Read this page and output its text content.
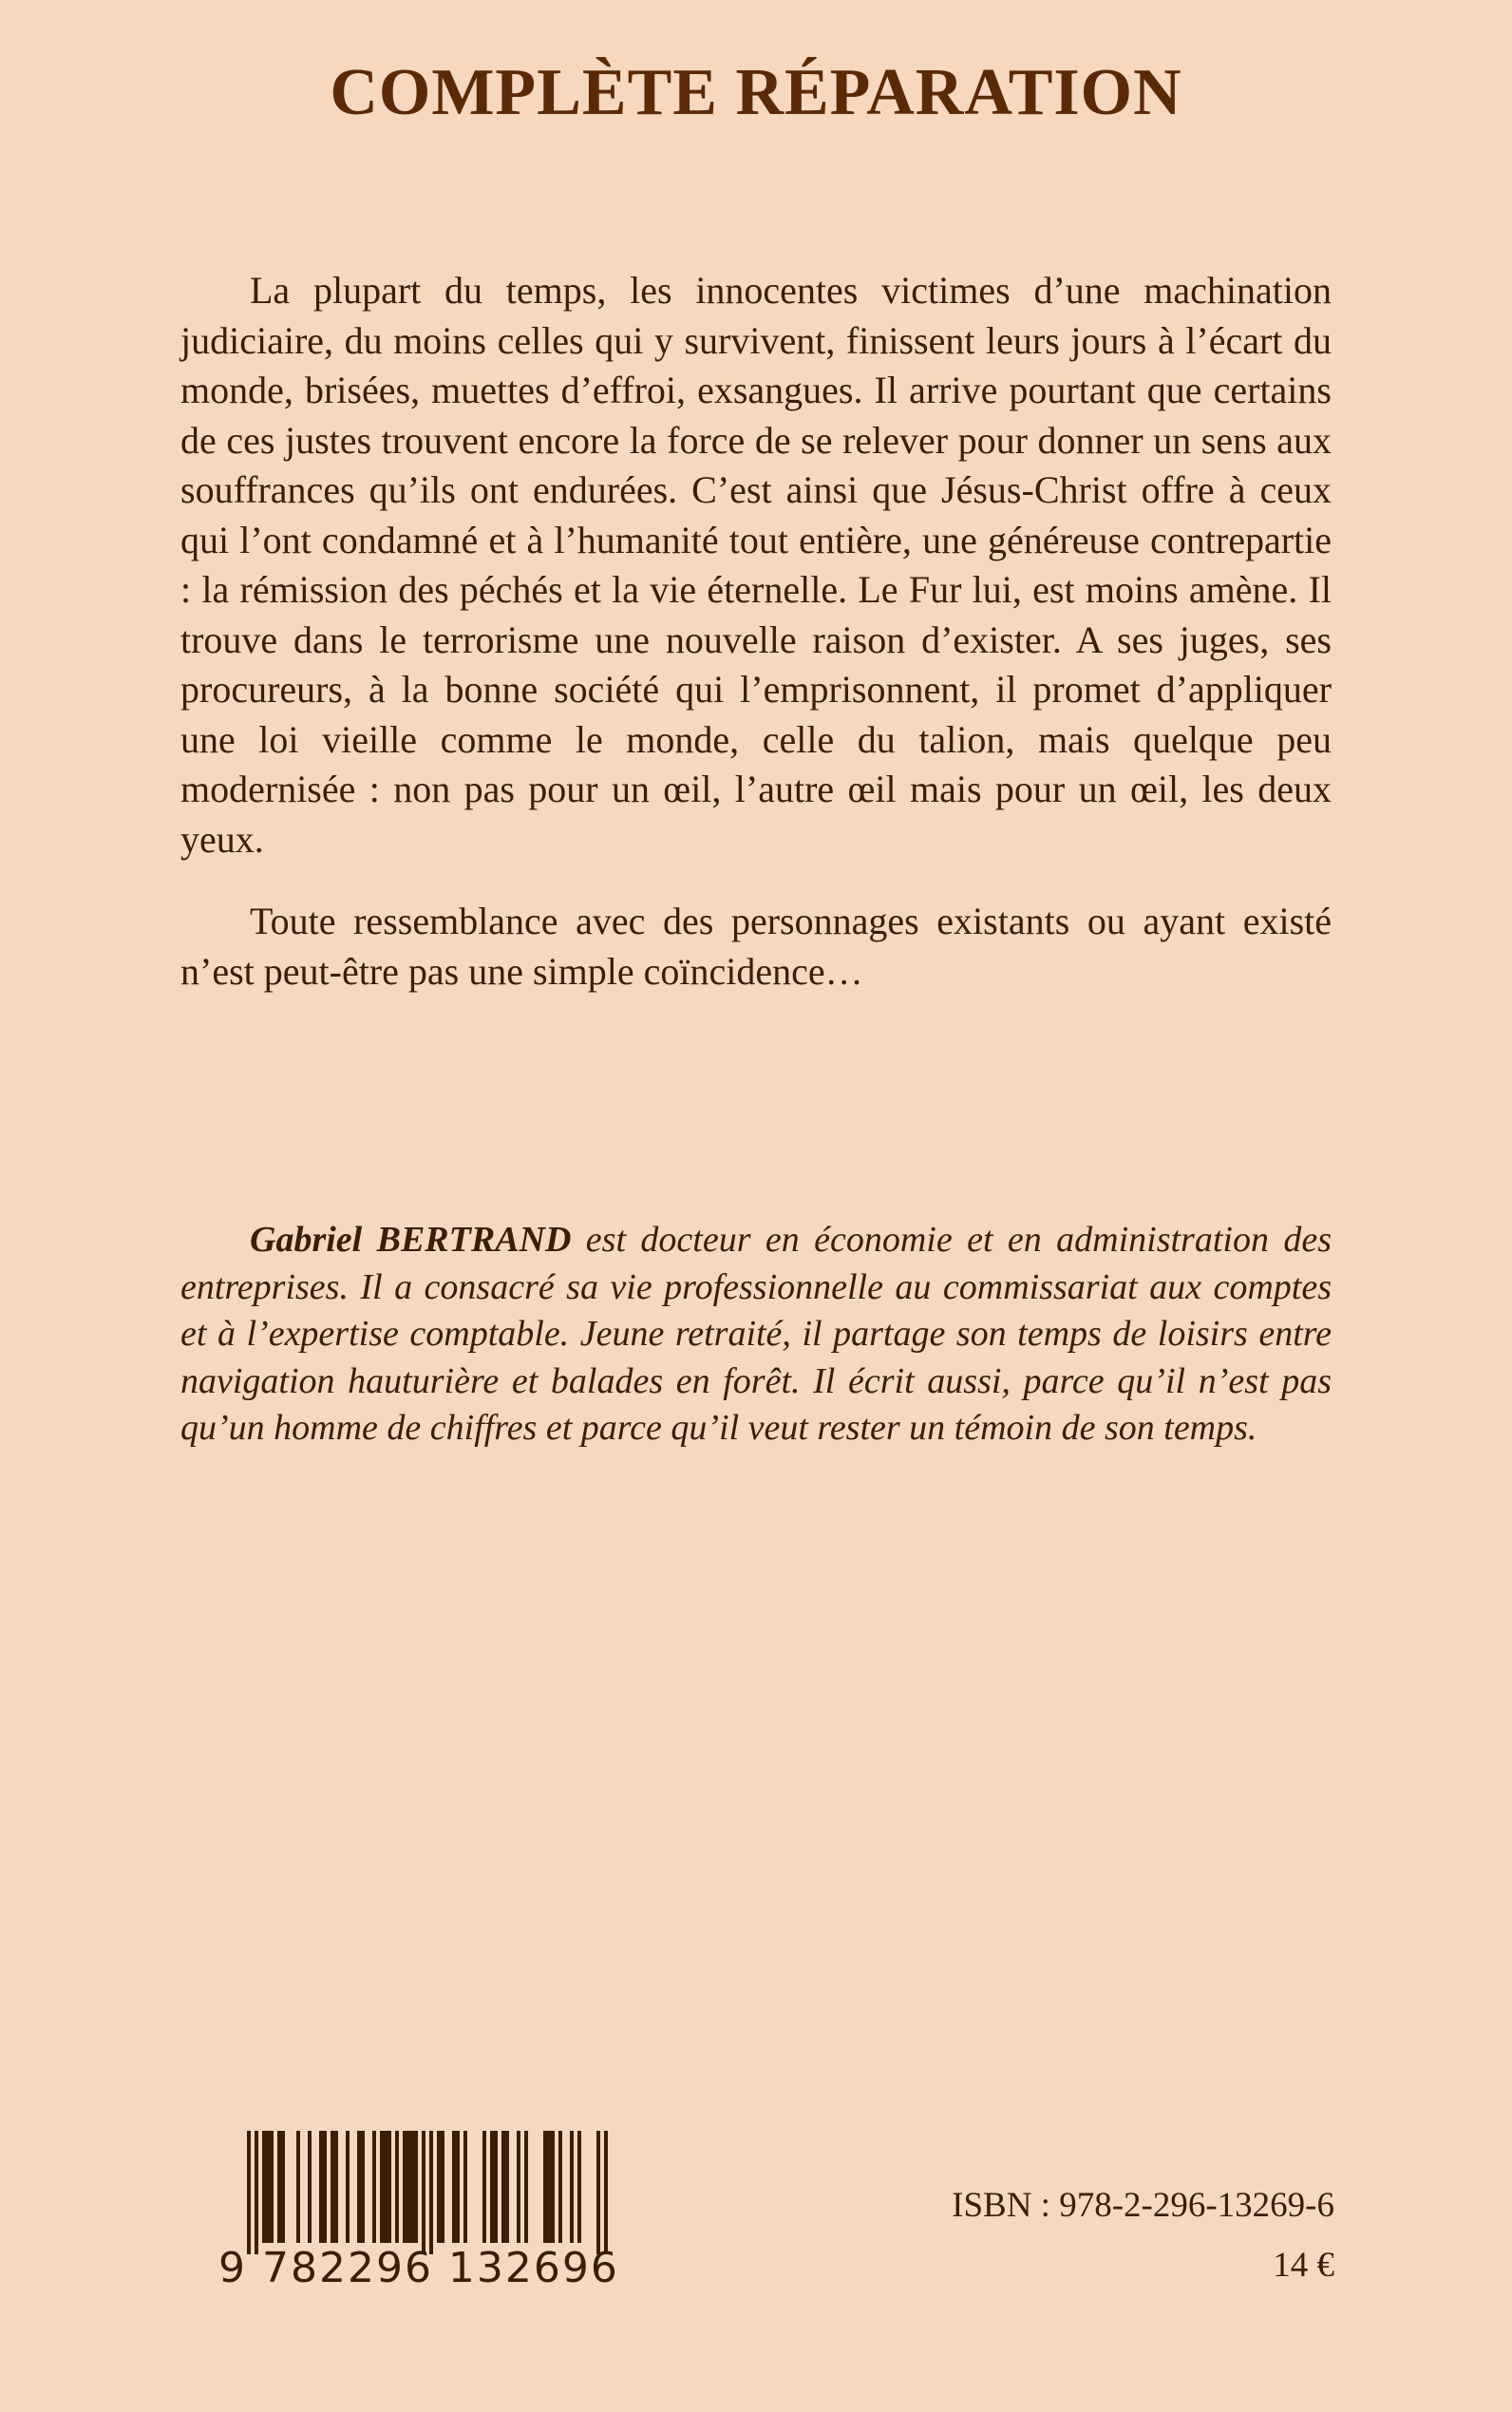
COMPLÈTE RÉPARATION

La plupart du temps, les innocentes victimes d’une machination judiciaire, du moins celles qui y survivent, finissent leurs jours à l’écart du monde, brisées, muettes d’effroi, exsangues. Il arrive pourtant que certains de ces justes trouvent encore la force de se relever pour donner un sens aux souffrances qu’ils ont endurées. C’est ainsi que Jésus-Christ offre à ceux qui l’ont condamné et à l’humanité tout entière, une généreuse contrepartie : la rémission des péchés et la vie éternelle. Le Fur lui, est moins amène. Il trouve dans le terrorisme une nouvelle raison d’exister. A ses juges, ses procureurs, à la bonne société qui l’emprisonnent, il promet d’appliquer une loi vieille comme le monde, celle du talion, mais quelque peu modernisée : non pas pour un œil, l’autre œil mais pour un œil, les deux yeux.

Toute ressemblance avec des personnages existants ou ayant existé n’est peut-être pas une simple coïncidence…

Gabriel BERTRAND est docteur en économie et en administration des entreprises. Il a consacré sa vie professionnelle au commissariat aux comptes et à l’expertise comptable. Jeune retraité, il partage son temps de loisirs entre navigation hauturière et balades en forêt. Il écrit aussi, parce qu’il n’est pas qu’un homme de chiffres et parce qu’il veut rester un témoin de son temps.

9 782296 132696
ISBN : 978-2-296-13269-6
14 €
